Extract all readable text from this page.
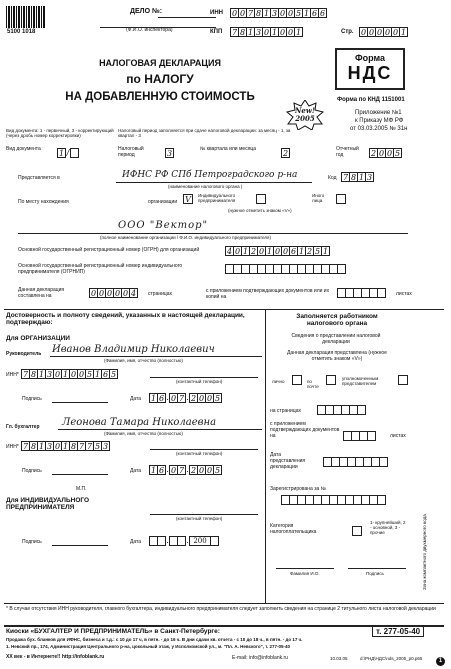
5100 1018
ДЕЛО №:
(Ф.И.О. инспектора)
ИНН 0 0 7 8 1 3 0 0 5 1 6 6
КПП 7 8 1 3 0 1 0 0 1	Стр. 0 0 0 0 0 1
НАЛОГОВАЯ ДЕКЛАРАЦИЯ
по НАЛОГУ
НА ДОБАВЛЕННУЮ СТОИМОСТЬ
New! 2005
Форма
НДС
Форма по КНД 1151001
Приложение №1
к Приказу МФ РФ
от 03.03.2005 № 31н
Вид документа: 1 - первичный, 3 - корректирующий (через дробь номер корректировки)
Налоговый период заполняется при сдаче налоговой декларации: за месяц - 1, за квартал - 3
Вид документа	1 /	Налоговый период	3	№ квартала или месяца	2	Отчетный год	2 0 0 5
Представляется в	ИФНС РФ СПб Петроградского р-на
(наименование налогового органа )
Код 7 8 1 3
По месту нахождения	организации V	Индивидуального предпринимателя
Иного лица
(нужное отметить знаком «V»)
ООО "Вектор"
(полное наименование организации / Ф.И.О. индивидуального предпринимателя)
Основной государственный регистрационный номер (ОГРН) для организаций	4 0 1 2 0 1 0 0 6 1 2 5 1
Основной государственный регистрационный номер индивидуального предпринимателя (ОГРНИП)
Данная декларация составлена на	0 0 0 0 0 4	страницах	с приложением подтверждающих документов или их копий на	листах
Достоверность и полноту сведений, указанных в настоящей декларации, подтверждаю:
Для ОРГАНИЗАЦИИ
Руководитель Иванов Владимир Николаевич
(Фамилия, имя, отчество (полностью)
ИНН* 7 8 1 3 0 1 0 0 5 1 6 5
(контактный телефон)
Подпись	Дата 1 6 . 0 7 . 2 0 0 5
Гл. бухгалтер Леонова Тамара Николаевна
(Фамилия, имя, отчество (полностью)
ИНН* 7 8 1 3 0 1 8 7 7 5 3
(контактный телефон)
Подпись	Дата 1 6 . 0 7 . 2 0 0 5
М.П.
Для ИНДИВИДУАЛЬНОГО ПРЕДПРИНИМАТЕЛЯ
(контактный телефон)
Подпись	Дата	. . 200
Заполняется работником налогового органа
Сведения о представлении налоговой декларации
Данная декларация представлена (нужное отметить знаком «V»)
лично	по почте
уполномоченным представителем
на страницах
с приложением подтверждающих документов на	листах
Дата представления декларации
Зарегистрирована за №
Категория налогоплательщика
1- крупнейший, 2 - основной, 3 - прочие
Фамилия И.О.	Подпись	Зона компактного двухмерного кода
* В случае отсутствия ИНН руководителя, главного бухгалтера, индивидуального предпринимателя следует заполнить сведения на странице 2 титульного листа налоговой декларации
Киоски «БУХГАЛТЕР И ПРЕДПРИНИМАТЕЛЬ» в Санкт-Петербурге:	т. 277-05-40
Продажа бух. бланков для ИФНС, бизнеса и т.д.: с 10 до 17 ч, в пятн. - до 16 ч. В дни сдачи кв. отчета - с 10 до 18 ч., в пятн. - до 17 ч.
1. Невский пр., 174, Администрация Центрального р-на, цокольный этаж, у Исполкомской ул., м. "Пл. А. Невского", т. 277-05-40
XX век - в Интернете!! http://infoblank.ru	E-mail: info@infoblank.ru	10.03.05	d:\РНД\НДС\nds_2005_p0.p65	1
